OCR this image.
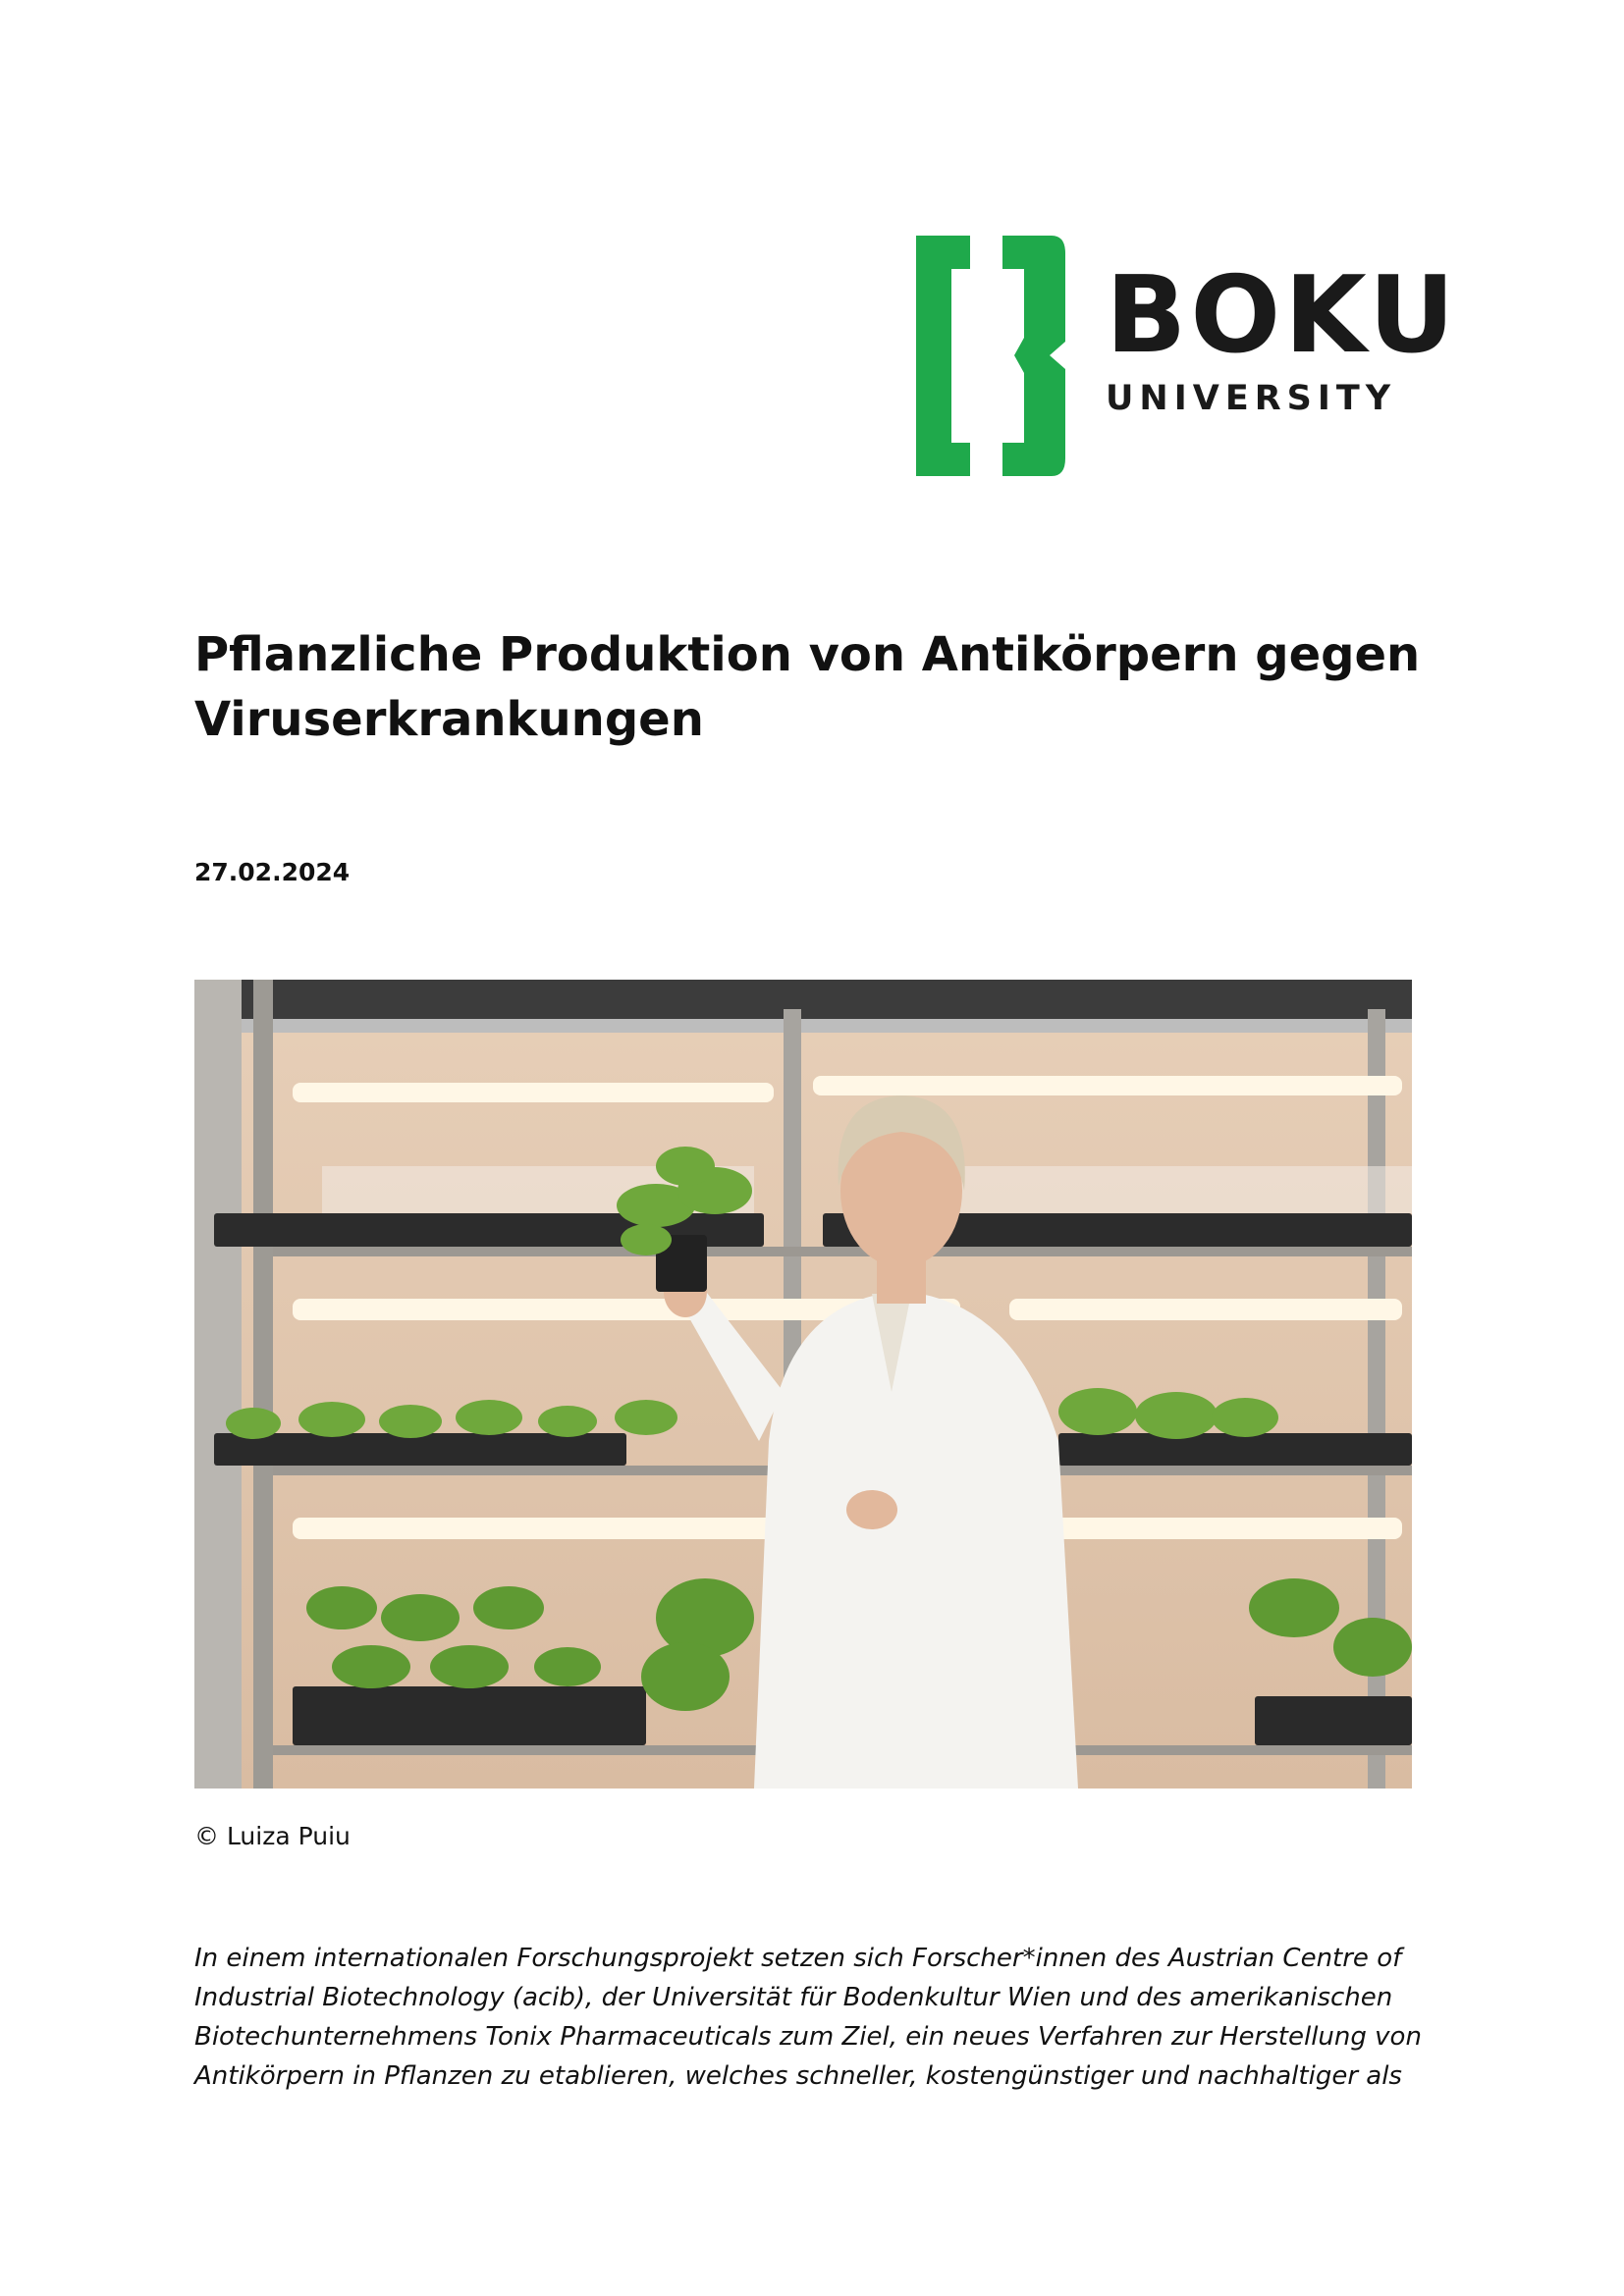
BOKU
UNIVERSITY
Pflanzliche Produktion von Antikörpern gegen
Viruserkrankungen
27.02.2024
© Luiza Puiu
In einem internationalen Forschungsprojekt setzen sich Forscher*innen des Austrian Centre of
Industrial Biotechnology (acib), der Universität für Bodenkultur Wien und des amerikanischen
Biotechunternehmens Tonix Pharmaceuticals zum Ziel, ein neues Verfahren zur Herstellung von
Antikörpern in Pflanzen zu etablieren, welches schneller, kostengünstiger und nachhaltiger als
